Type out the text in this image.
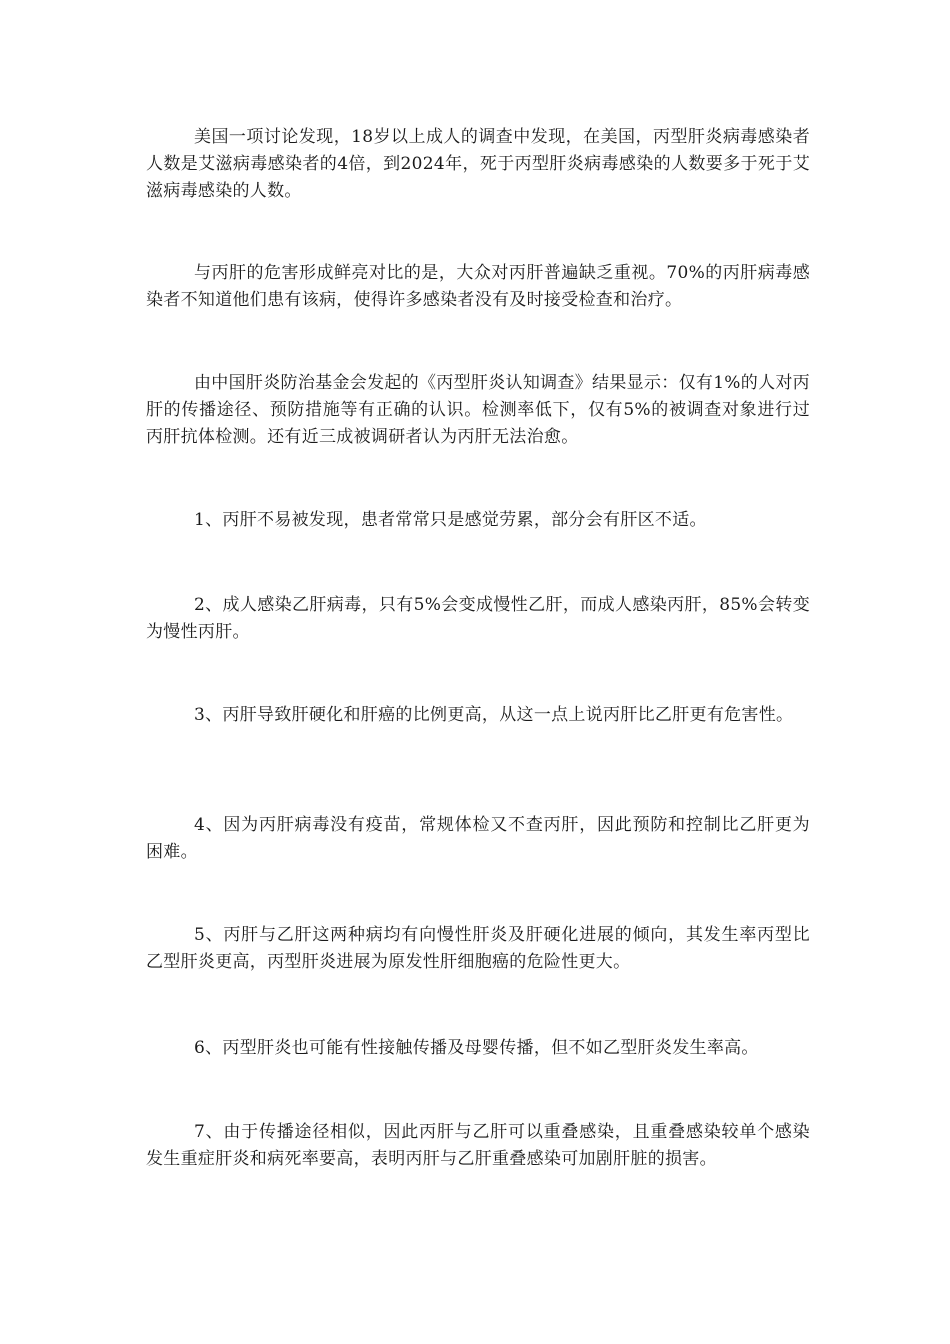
美国一项讨论发现，18岁以上成人的调查中发现，在美国，丙型肝炎病毒感染者人数是艾滋病毒感染者的4倍，到2024年，死于丙型肝炎病毒感染的人数要多于死于艾滋病毒感染的人数。

与丙肝的危害形成鲜亮对比的是，大众对丙肝普遍缺乏重视。70%的丙肝病毒感染者不知道他们患有该病，使得许多感染者没有及时接受检查和治疗。

由中国肝炎防治基金会发起的《丙型肝炎认知调查》结果显示：仅有1%的人对丙肝的传播途径、预防措施等有正确的认识。检测率低下，仅有5%的被调查对象进行过丙肝抗体检测。还有近三成被调研者认为丙肝无法治愈。

1、丙肝不易被发现，患者常常只是感觉劳累，部分会有肝区不适。

2、成人感染乙肝病毒，只有5%会变成慢性乙肝，而成人感染丙肝，85%会转变为慢性丙肝。

3、丙肝导致肝硬化和肝癌的比例更高，从这一点上说丙肝比乙肝更有危害性。

4、因为丙肝病毒没有疫苗，常规体检又不查丙肝，因此预防和控制比乙肝更为困难。

5、丙肝与乙肝这两种病均有向慢性肝炎及肝硬化进展的倾向，其发生率丙型比乙型肝炎更高，丙型肝炎进展为原发性肝细胞癌的危险性更大。

6、丙型肝炎也可能有性接触传播及母婴传播，但不如乙型肝炎发生率高。

7、由于传播途径相似，因此丙肝与乙肝可以重叠感染，且重叠感染较单个感染发生重症肝炎和病死率要高，表明丙肝与乙肝重叠感染可加剧肝脏的损害。
